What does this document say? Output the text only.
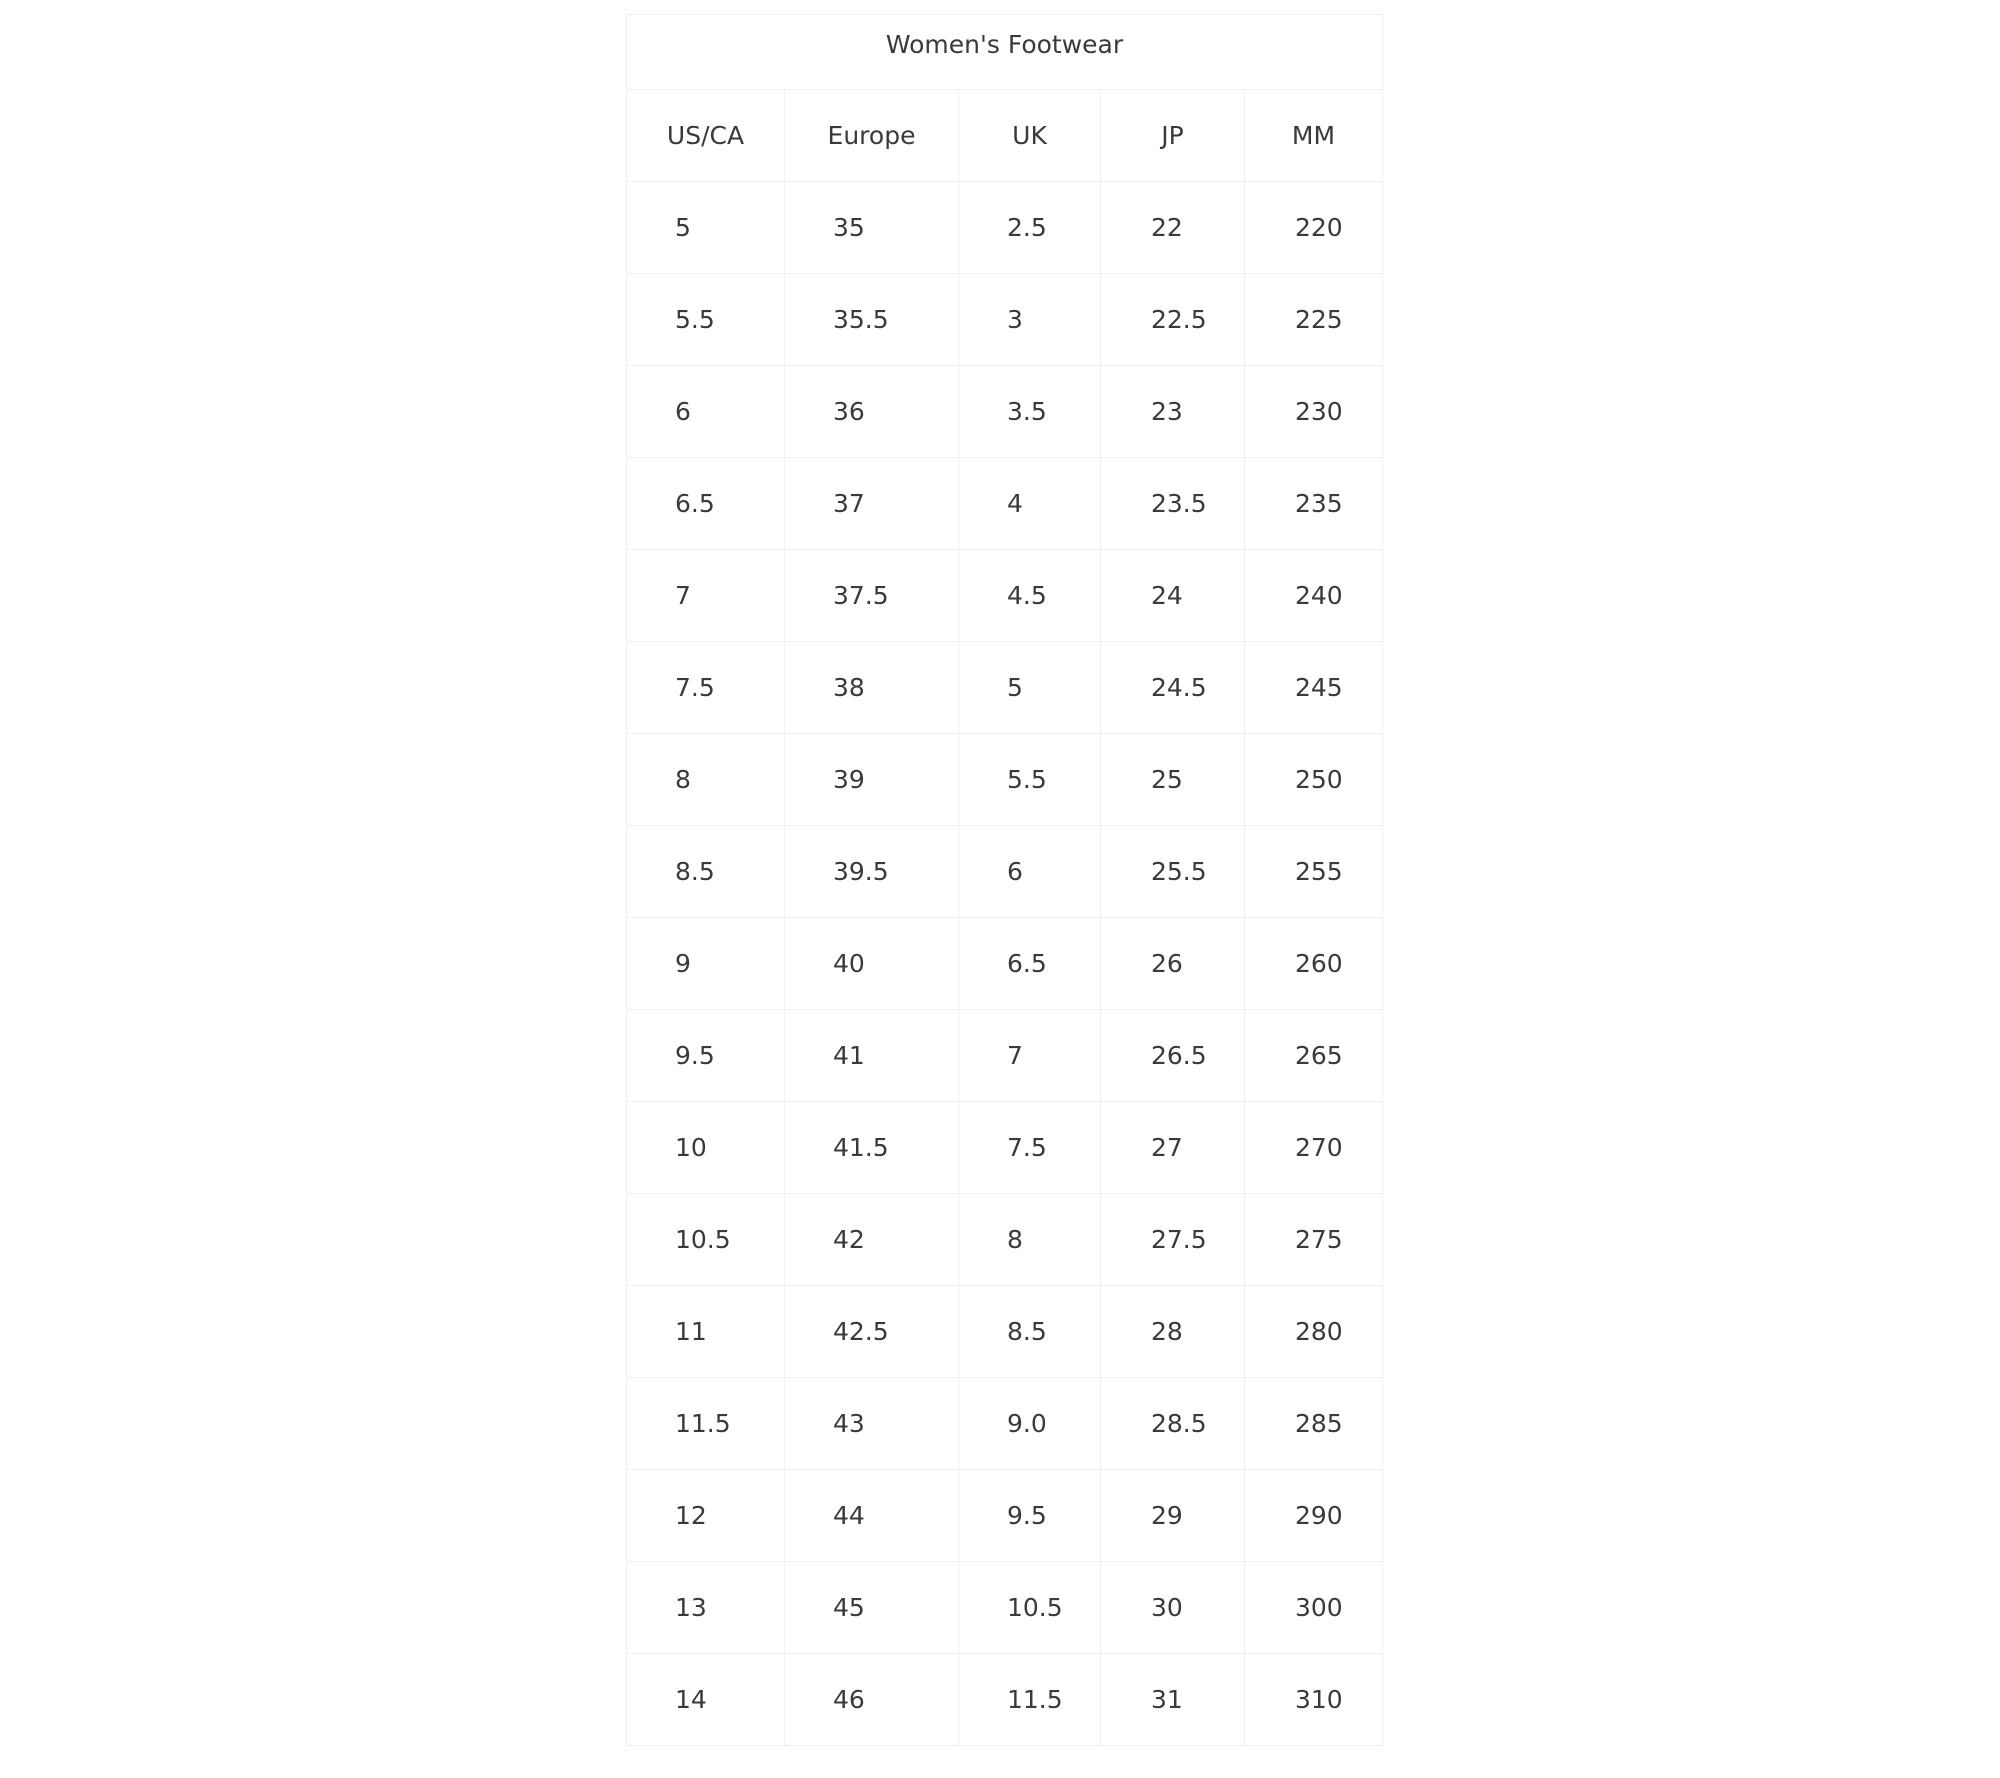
Women's Footwear
US/CA	Europe	UK	JP	MM
5	35	2.5	22	220
5.5	35.5	3	22.5	225
6	36	3.5	23	230
6.5	37	4	23.5	235
7	37.5	4.5	24	240
7.5	38	5	24.5	245
8	39	5.5	25	250
8.5	39.5	6	25.5	255
9	40	6.5	26	260
9.5	41	7	26.5	265
10	41.5	7.5	27	270
10.5	42	8	27.5	275
11	42.5	8.5	28	280
11.5	43	9.0	28.5	285
12	44	9.5	29	290
13	45	10.5	30	300
14	46	11.5	31	310
